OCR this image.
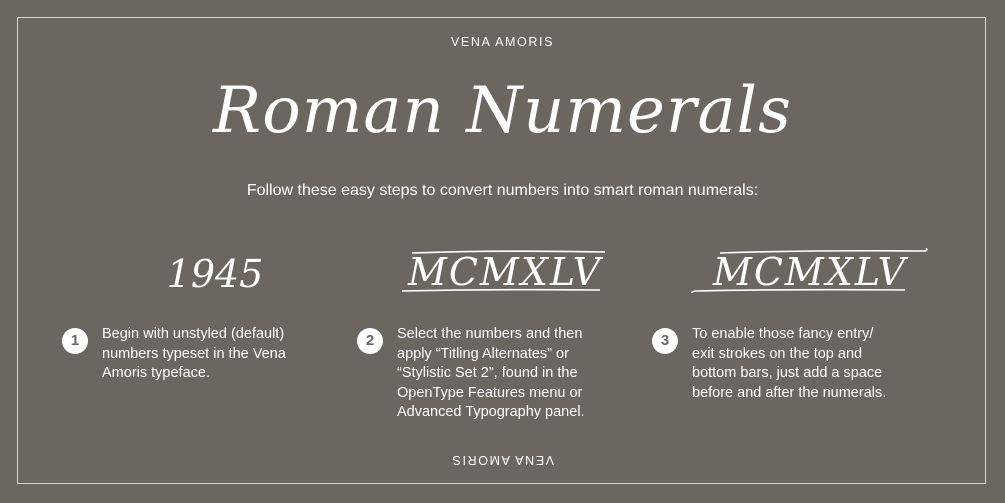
VENA AMORIS
Roman Numerals
Follow these easy steps to convert numbers into smart roman numerals:
1945	MCMXLV	MCMXLV
1	Begin with unstyled (default)
numbers typeset in the Vena
Amoris typeface.
2	Select the numbers and then
apply “Titling Alternates” or
“Stylistic Set 2”, found in the
OpenType Features menu or
Advanced Typography panel.
3	To enable those fancy entry/
exit strokes on the top and
bottom bars, just add a space
before and after the numerals.
VENA AMORIS
